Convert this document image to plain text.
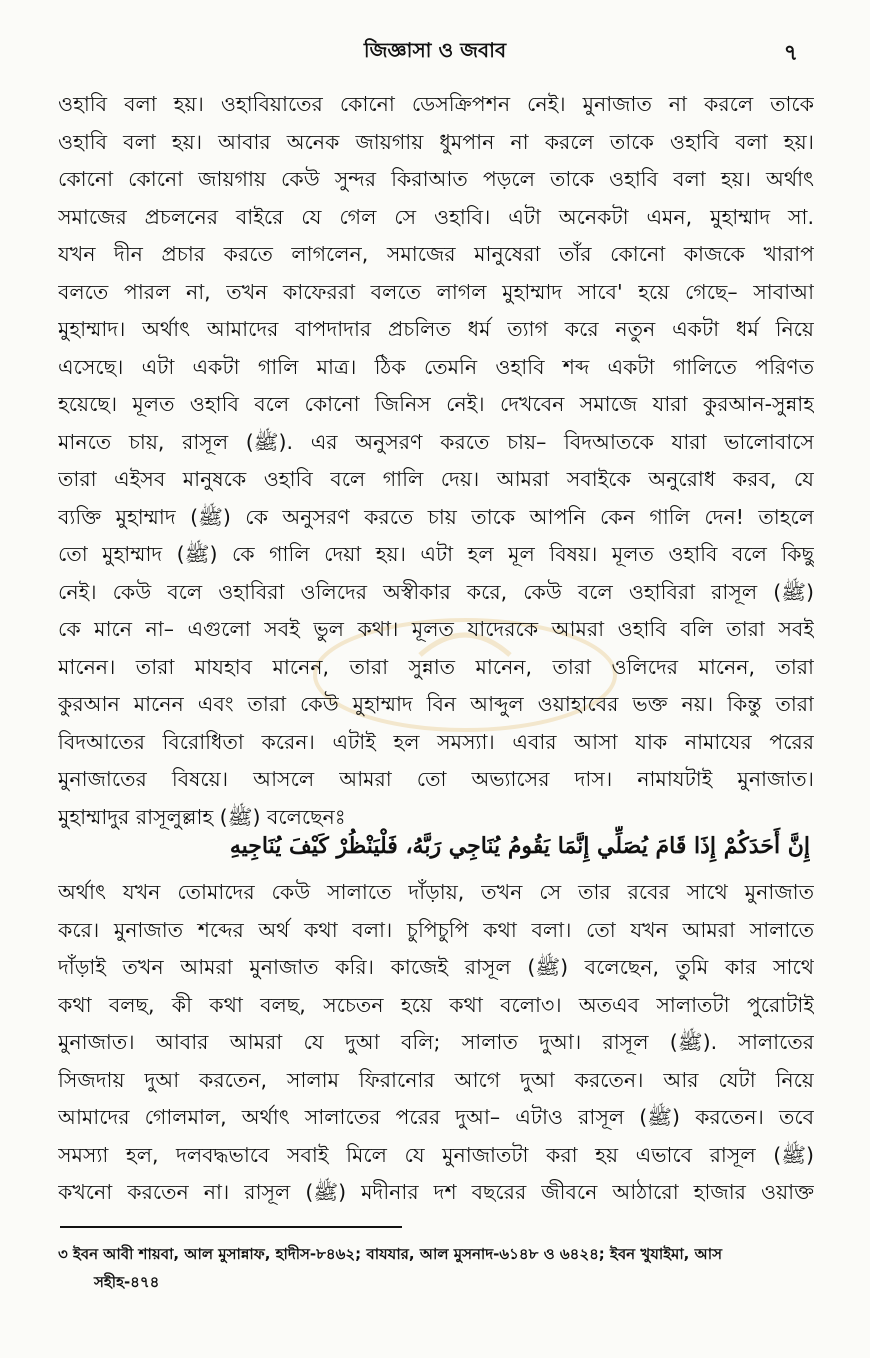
জিজ্ঞাসা ও জবাব	৭
ওহাবি বলা হয়। ওহাবিয়াতের কোনো ডেসক্রিপশন নেই। মুনাজাত না করলে তাকে
ওহাবি বলা হয়। আবার অনেক জায়গায় ধুমপান না করলে তাকে ওহাবি বলা হয়।
কোনো কোনো জায়গায় কেউ সুন্দর কিরাআত পড়লে তাকে ওহাবি বলা হয়। অর্থাৎ
সমাজের প্রচলনের বাইরে যে গেল সে ওহাবি। এটা অনেকটা এমন, মুহাম্মাদ সা.
যখন দীন প্রচার করতে লাগলেন, সমাজের মানুষেরা তাঁর কোনো কাজকে খারাপ
বলতে পারল না, তখন কাফেররা বলতে লাগল মুহাম্মাদ সাবে' হয়ে গেছে– সাবাআ
মুহাম্মাদ। অর্থাৎ আমাদের বাপদাদার প্রচলিত ধর্ম ত্যাগ করে নতুন একটা ধর্ম নিয়ে
এসেছে। এটা একটা গালি মাত্র। ঠিক তেমনি ওহাবি শব্দ একটা গালিতে পরিণত
হয়েছে। মূলত ওহাবি বলে কোনো জিনিস নেই। দেখবেন সমাজে যারা কুরআন-সুন্নাহ
মানতে চায়, রাসূল (ﷺ). এর অনুসরণ করতে চায়– বিদআতকে যারা ভালোবাসে
তারা এইসব মানুষকে ওহাবি বলে গালি দেয়। আমরা সবাইকে অনুরোধ করব, যে
ব্যক্তি মুহাম্মাদ (ﷺ) কে অনুসরণ করতে চায় তাকে আপনি কেন গালি দেন! তাহলে
তো মুহাম্মাদ (ﷺ) কে গালি দেয়া হয়। এটা হল মূল বিষয়। মূলত ওহাবি বলে কিছু
নেই। কেউ বলে ওহাবিরা ওলিদের অস্বীকার করে, কেউ বলে ওহাবিরা রাসূল (ﷺ)
কে মানে না– এগুলো সবই ভুল কথা। মূলত যাদেরকে আমরা ওহাবি বলি তারা সবই
মানেন। তারা মাযহাব মানেন, তারা সুন্নাত মানেন, তারা ওলিদের মানেন, তারা
কুরআন মানেন এবং তারা কেউ মুহাম্মাদ বিন আব্দুল ওয়াহাবের ভক্ত নয়। কিন্তু তারা
বিদআতের বিরোধিতা করেন। এটাই হল সমস্যা। এবার আসা যাক নামাযের পরের
মুনাজাতের বিষয়ে। আসলে আমরা তো অভ্যাসের দাস। নামাযটাই মুনাজাত।
মুহাম্মাদুর রাসূলুল্লাহ (ﷺ) বলেছেনঃ
إِنَّ أَحَدَكُمْ إِذَا قَامَ يُصَلِّي إِنَّمَا يَقُومُ يُنَاجِي رَبَّهُ، فَلْيَنْظُرْ كَيْفَ يُنَاجِيهِ
অর্থাৎ যখন তোমাদের কেউ সালাতে দাঁড়ায়, তখন সে তার রবের সাথে মুনাজাত
করে। মুনাজাত শব্দের অর্থ কথা বলা। চুপিচুপি কথা বলা। তো যখন আমরা সালাতে
দাঁড়াই তখন আমরা মুনাজাত করি। কাজেই রাসূল (ﷺ) বলেছেন, তুমি কার সাথে
কথা বলছ, কী কথা বলছ, সচেতন হয়ে কথা বলো৩। অতএব সালাতটা পুরোটাই
মুনাজাত। আবার আমরা যে দুআ বলি; সালাত দুআ। রাসূল (ﷺ). সালাতের
সিজদায় দুআ করতেন, সালাম ফিরানোর আগে দুআ করতেন। আর যেটা নিয়ে
আমাদের গোলমাল, অর্থাৎ সালাতের পরের দুআ– এটাও রাসূল (ﷺ) করতেন। তবে
সমস্যা হল, দলবদ্ধভাবে সবাই মিলে যে মুনাজাতটা করা হয় এভাবে রাসূল (ﷺ)
কখনো করতেন না। রাসূল (ﷺ) মদীনার দশ বছরের জীবনে আঠারো হাজার ওয়াক্ত
৩ ইবন আবী শায়বা, আল মুসান্নাফ, হাদীস-৮৪৬২; বাযযার, আল মুসনাদ-৬১৪৮ ও ৬৪২৪; ইবন খুযাইমা, আস
সহীহ-৪৭৪
